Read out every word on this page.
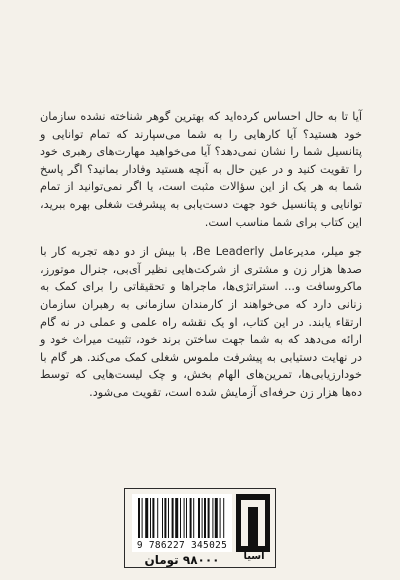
آیا تا به حال احساس کرده‌اید که بهترین گوهر شناخته نشده سازمان خود هستید؟ آیا کارهایی را به شما می‌سپارند که تمام توانایی و پتانسیل شما را نشان نمی‌دهد؟ آیا می‌خواهید مهارت‌های رهبری خود را تقویت کنید و در عین حال به آنچه هستید وفادار بمانید؟ اگر پاسخ شما به هر یک از این سؤالات مثبت است، یا اگر نمی‌توانید از تمام توانایی و پتانسیل خود جهت دست‌یابی به پیشرفت شغلی بهره ببرید، این کتاب برای شما مناسب است.

جو میلر، مدیرعامل Be Leaderly، با بیش از دو دهه تجربه کار با صدها هزار زن و مشتری از شرکت‌هایی نظیر آی‌بی، جنرال موتورز، ماکروسافت و... استراتژی‌ها، ماجراها و تحقیقاتی را برای کمک به زنانی دارد که می‌خواهند از کارمندان سازمانی به رهبران سازمان ارتقاء یابند. در این کتاب، او یک نقشه راه علمی و عملی در نه گام ارائه می‌دهد که به شما جهت ساختن برند خود، تثبیت میراث خود و در نهایت دستیابی به پیشرفت ملموس شغلی کمک می‌کند. هر گام با خودارزیابی‌ها، تمرین‌های الهام بخش، و چک لیست‌هایی که توسط ده‌ها هزار زن حرفه‌ای آزمایش شده است، تقویت می‌شود.

9 786227 345025
۹۸۰۰۰ تومان	آسیا
